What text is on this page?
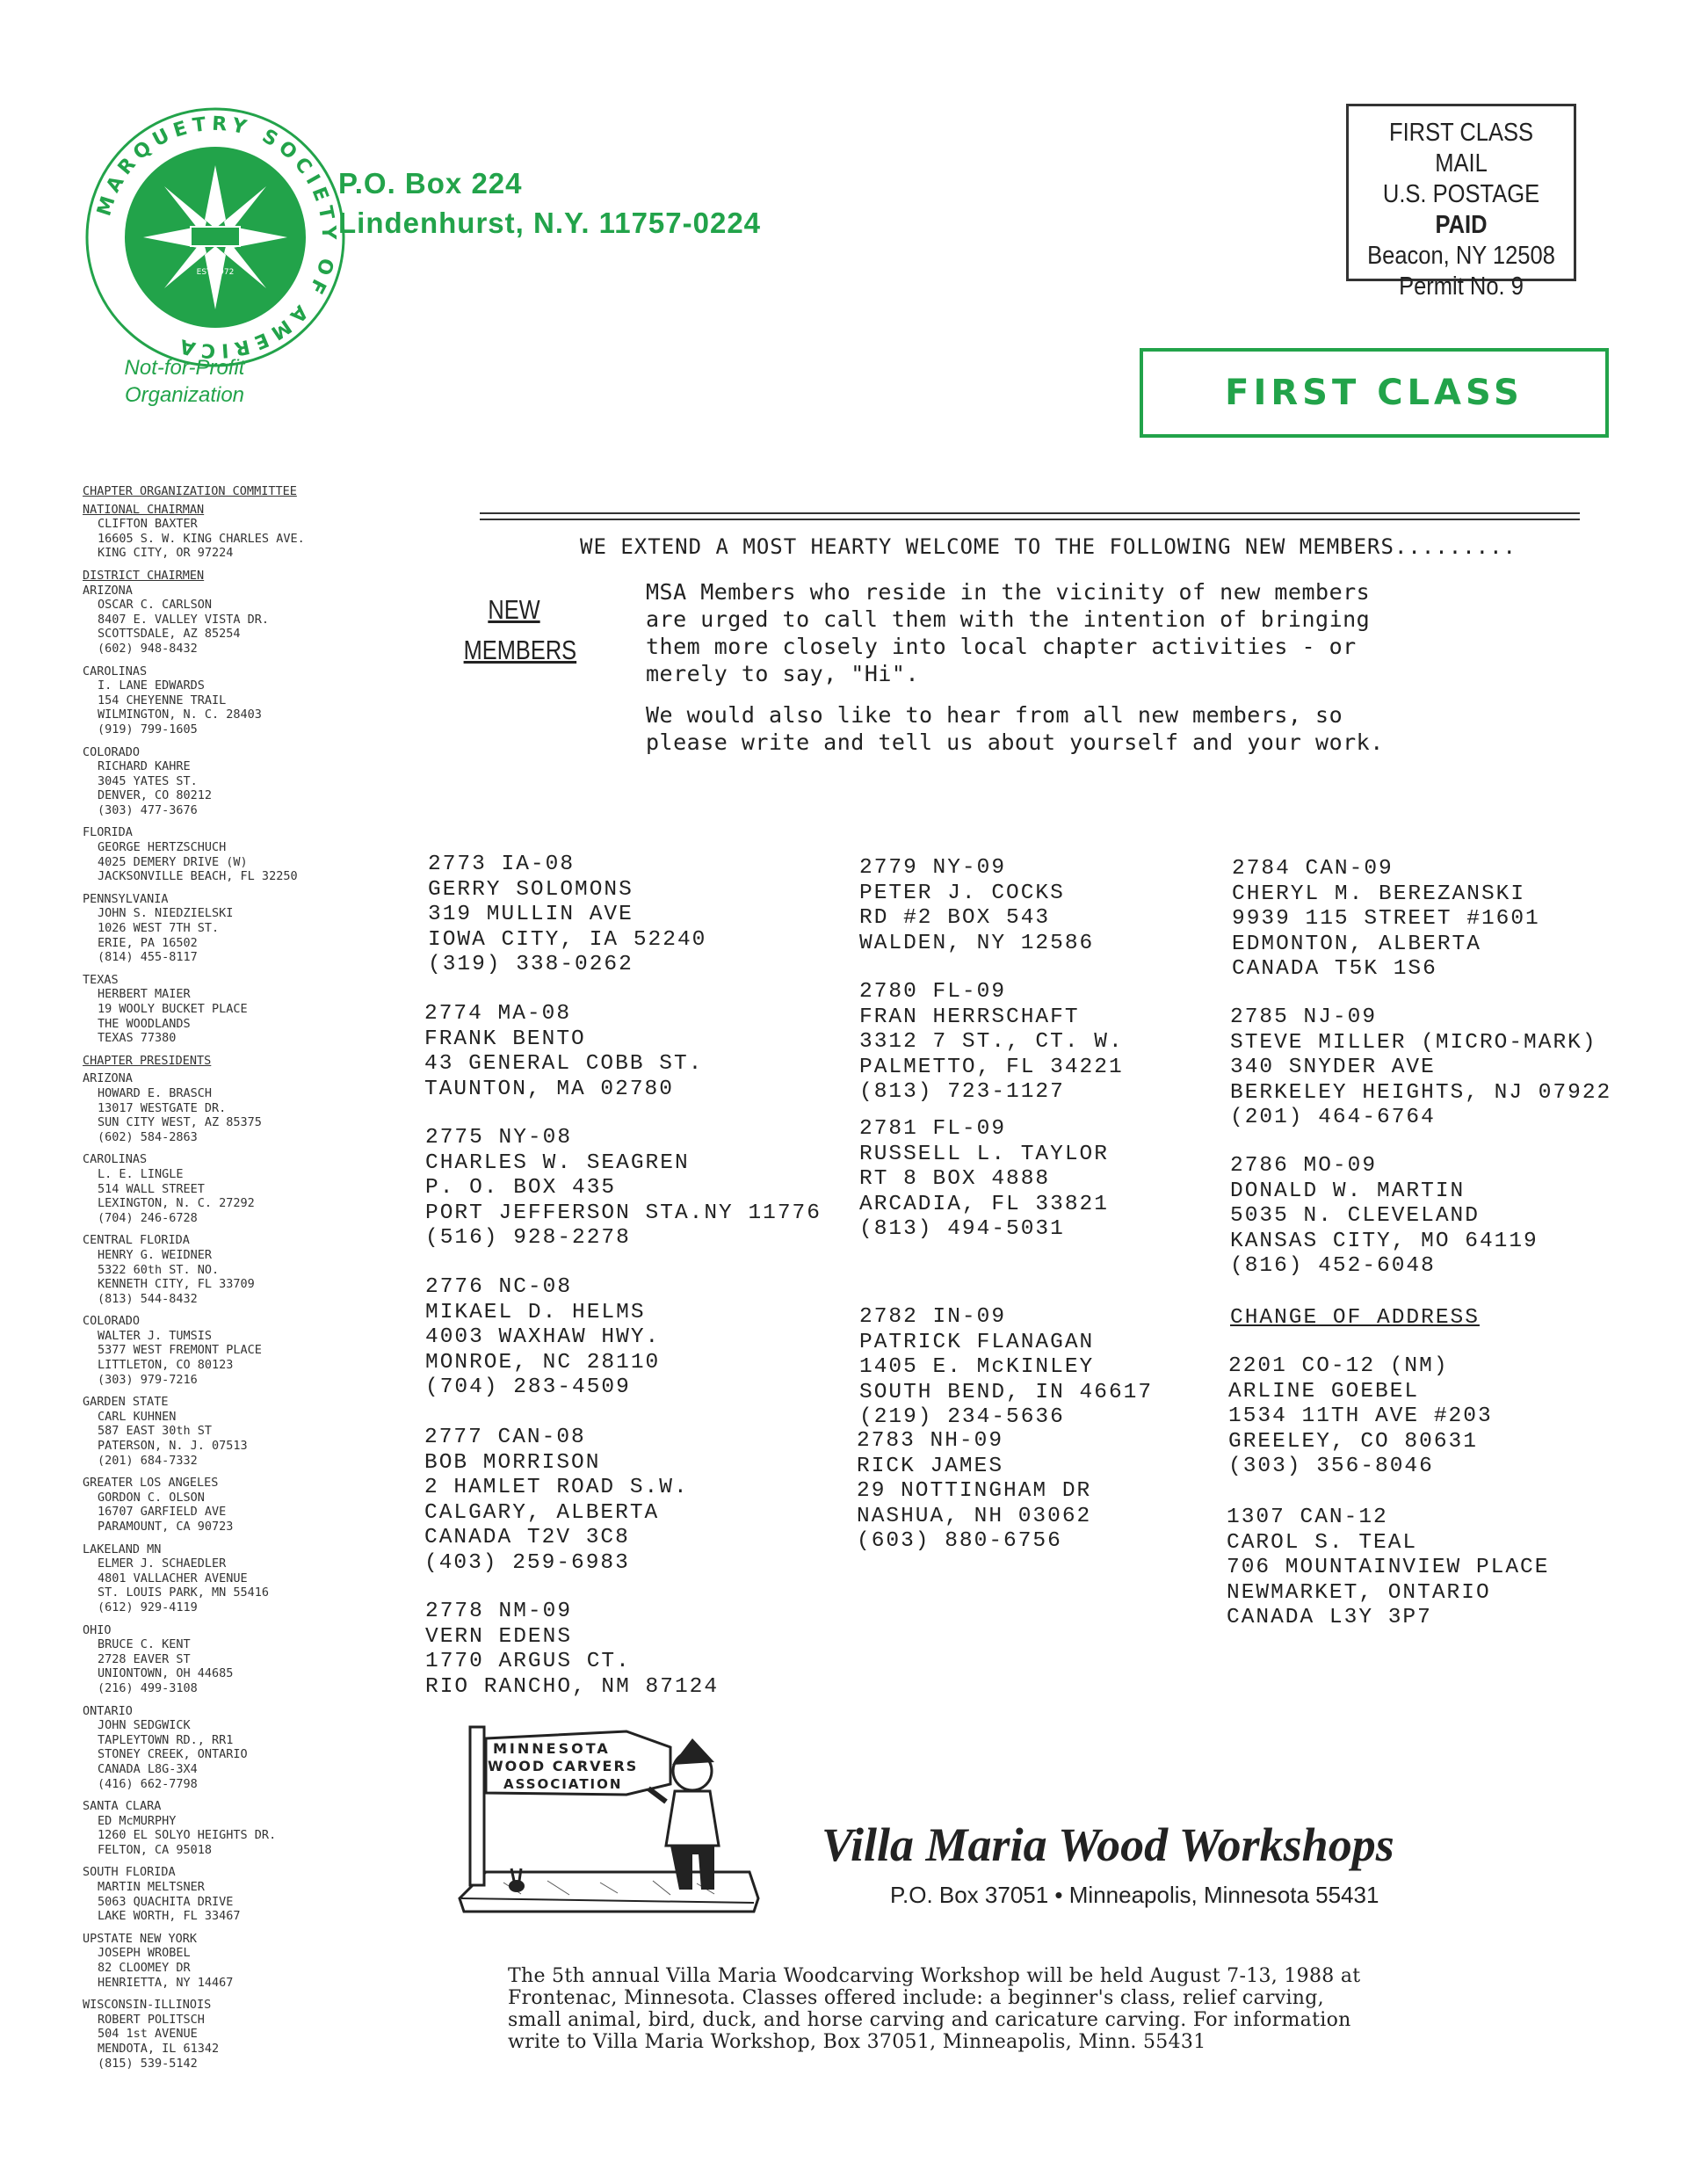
MARQUETRY SOCIETY OF AMERICA
EST 1972
P.O. Box 224
Lindenhurst, N.Y. 11757-0224
Not-for-Profit
Organization
FIRST CLASS MAIL
U.S. POSTAGE
PAID
Beacon, NY 12508
Permit No. 9
FIRST CLASS
CHAPTER ORGANIZATION COMMITTEE
NATIONAL CHAIRMAN
CLIFTON BAXTER
16605 S. W. KING CHARLES AVE.
KING CITY, OR 97224
DISTRICT CHAIRMEN
ARIZONA
OSCAR C. CARLSON
8407 E. VALLEY VISTA DR.
SCOTTSDALE, AZ 85254
(602) 948-8432
CAROLINAS
I. LANE EDWARDS
154 CHEYENNE TRAIL
WILMINGTON, N. C. 28403
(919) 799-1605
COLORADO
RICHARD KAHRE
3045 YATES ST.
DENVER, CO 80212
(303) 477-3676
FLORIDA
GEORGE HERTZSCHUCH
4025 DEMERY DRIVE (W)
JACKSONVILLE BEACH, FL 32250
PENNSYLVANIA
JOHN S. NIEDZIELSKI
1026 WEST 7TH ST.
ERIE, PA 16502
(814) 455-8117
TEXAS
HERBERT MAIER
19 WOOLY BUCKET PLACE
THE WOODLANDS
TEXAS 77380
CHAPTER PRESIDENTS
ARIZONA
HOWARD E. BRASCH
13017 WESTGATE DR.
SUN CITY WEST, AZ 85375
(602) 584-2863
CAROLINAS
L. E. LINGLE
514 WALL STREET
LEXINGTON, N. C. 27292
(704) 246-6728
CENTRAL FLORIDA
HENRY G. WEIDNER
5322 60th ST. NO.
KENNETH CITY, FL 33709
(813) 544-8432
COLORADO
WALTER J. TUMSIS
5377 WEST FREMONT PLACE
LITTLETON, CO 80123
(303) 979-7216
GARDEN STATE
CARL KUHNEN
587 EAST 30th ST
PATERSON, N. J. 07513
(201) 684-7332
GREATER LOS ANGELES
GORDON C. OLSON
16707 GARFIELD AVE
PARAMOUNT, CA 90723
LAKELAND MN
ELMER J. SCHAEDLER
4801 VALLACHER AVENUE
ST. LOUIS PARK, MN 55416
(612) 929-4119
OHIO
BRUCE C. KENT
2728 EAVER ST
UNIONTOWN, OH 44685
(216) 499-3108
ONTARIO
JOHN SEDGWICK
TAPLEYTOWN RD., RR1
STONEY CREEK, ONTARIO
CANADA L8G-3X4
(416) 662-7798
SANTA CLARA
ED McMURPHY
1260 EL SOLYO HEIGHTS DR.
FELTON, CA 95018
SOUTH FLORIDA
MARTIN MELTSNER
5063 QUACHITA DRIVE
LAKE WORTH, FL 33467
UPSTATE NEW YORK
JOSEPH WROBEL
82 CLOOMEY DR
HENRIETTA, NY 14467
WISCONSIN-ILLINOIS
ROBERT POLITSCH
504 1st AVENUE
MENDOTA, IL 61342
(815) 539-5142
WE EXTEND A MOST HEARTY WELCOME TO THE FOLLOWING NEW MEMBERS.........
NEW
MEMBERS
MSA Members who reside in the vicinity of new members
are urged to call them with the intention of bringing
them more closely into local chapter activities - or
merely to say, "Hi".
We would also like to hear from all new members, so
please write and tell us about yourself and your work.
2773 IA-08
GERRY SOLOMONS
319 MULLIN AVE
IOWA CITY, IA 52240
(319) 338-0262
2774 MA-08
FRANK BENTO
43 GENERAL COBB ST.
TAUNTON, MA 02780
2775 NY-08
CHARLES W. SEAGREN
P. O. BOX 435
PORT JEFFERSON STA.NY 11776
(516) 928-2278
2776 NC-08
MIKAEL D. HELMS
4003 WAXHAW HWY.
MONROE, NC 28110
(704) 283-4509
2777 CAN-08
BOB MORRISON
2 HAMLET ROAD S.W.
CALGARY, ALBERTA
CANADA T2V 3C8
(403) 259-6983
2778 NM-09
VERN EDENS
1770 ARGUS CT.
RIO RANCHO, NM 87124
2779 NY-09
PETER J. COCKS
RD #2 BOX 543
WALDEN, NY 12586
2780 FL-09
FRAN HERRSCHAFT
3312 7 ST., CT. W.
PALMETTO, FL 34221
(813) 723-1127
2781 FL-09
RUSSELL L. TAYLOR
RT 8 BOX 4888
ARCADIA, FL 33821
(813) 494-5031
2782 IN-09
PATRICK FLANAGAN
1405 E. McKINLEY
SOUTH BEND, IN 46617
(219) 234-5636
2783 NH-09
RICK JAMES
29 NOTTINGHAM DR
NASHUA, NH 03062
(603) 880-6756
2784 CAN-09
CHERYL M. BEREZANSKI
9939 115 STREET #1601
EDMONTON, ALBERTA
CANADA T5K 1S6
2785 NJ-09
STEVE MILLER (MICRO-MARK)
340 SNYDER AVE
BERKELEY HEIGHTS, NJ 07922
(201) 464-6764
2786 MO-09
DONALD W. MARTIN
5035 N. CLEVELAND
KANSAS CITY, MO 64119
(816) 452-6048
CHANGE OF ADDRESS
2201 CO-12 (NM)
ARLINE GOEBEL
1534 11TH AVE #203
GREELEY, CO 80631
(303) 356-8046
1307 CAN-12
CAROL S. TEAL
706 MOUNTAINVIEW PLACE
NEWMARKET, ONTARIO
CANADA L3Y 3P7
MINNESOTA
WOOD CARVERS
ASSOCIATION
Villa Maria Wood Workshops
P.O. Box 37051 • Minneapolis, Minnesota 55431
The 5th annual Villa Maria Woodcarving Workshop will be held August 7-13, 1988 at
Frontenac, Minnesota. Classes offered include: a beginner's class, relief carving,
small animal, bird, duck, and horse carving and caricature carving. For information
write to Villa Maria Workshop, Box 37051, Minneapolis, Minn. 55431
